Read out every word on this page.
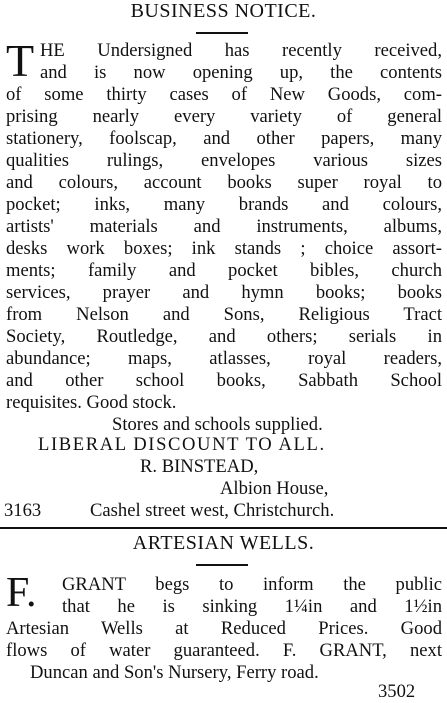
BUSINESS NOTICE.
T HE Undersigned has recently received,
and is now opening up, the contents
of some thirty cases of New Goods, com-
prising nearly every variety of general
stationery, foolscap, and other papers, many
qualities rulings, envelopes various sizes
and colours, account books super royal to
pocket; inks, many brands and colours,
artists' materials and instruments, albums,
desks work boxes; ink stands ; choice assort-
ments; family and pocket bibles, church
services, prayer and hymn books; books
from Nelson and Sons, Religious Tract
Society, Routledge, and others; serials in
abundance; maps, atlasses, royal readers,
and other school books, Sabbath School
requisites. Good stock.
Stores and schools supplied.
LIBERAL DISCOUNT TO ALL.
R. BINSTEAD,
Albion House,
3163	Cashel street west, Christchurch.
ARTESIAN WELLS.
F. GRANT begs to inform the public
that he is sinking 1¼in and 1½in
Artesian Wells at Reduced Prices. Good
flows of water guaranteed. F. GRANT, next
Duncan and Son's Nursery, Ferry road.
3502
